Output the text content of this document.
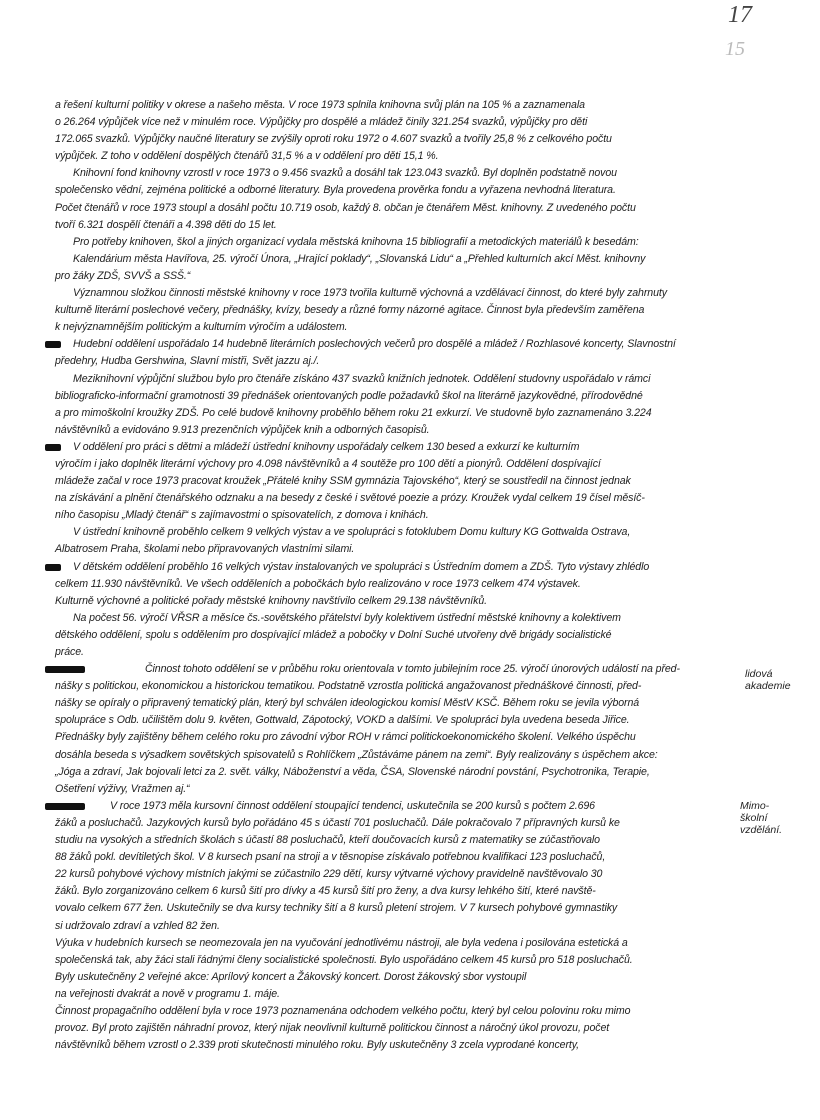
17
15
lidová akademie
Mimo-školní vzdělání.
a řešení kulturní politiky v okrese a našeho města. V roce 1973 splnila knihovna svůj plán na 105 % a zaznamenala
o 26.264 výpůjček více než v minulém roce. Výpůjčky pro dospělé a mládež činily 321.254 svazků, výpůjčky pro děti
172.065 svazků. Výpůjčky naučné literatury se zvýšily oproti roku 1972 o 4.607 svazků a tvořily 25,8 % z celkového počtu
výpůjček. Z toho v oddělení dospělých čtenářů 31,5 % a v oddělení pro děti 15,1 %.
Knihovní fond knihovny vzrostl v roce 1973 o 9.456 svazků a dosáhl tak 123.043 svazků. Byl doplněn podstatně novou
společensko vědní, zejména politické a odborné literatury. Byla provedena prověrka fondu a vyřazena nevhodná literatura.
Počet čtenářů v roce 1973 stoupl a dosáhl počtu 10.719 osob, každý 8. občan je čtenářem Měst. knihovny. Z uvedeného počtu
tvoří 6.321 dospělí čtenáři a 4.398 děti do 15 let.
Pro potřeby knihoven, škol a jiných organizací vydala městská knihovna 15 bibliografií a metodických materiálů k besedám:
Kalendárium města Havířova, 25. výročí Února, „Hrající poklady“, „Slovanská Lidu“ a „Přehled kulturních akcí Měst. knihovny
pro žáky ZDŠ, SVVŠ a SSŠ.“
Významnou složkou činnosti městské knihovny v roce 1973 tvořila kulturně výchovná a vzdělávací činnost, do které byly zahrnuty
kulturně literární poslechové večery, přednášky, kvízy, besedy a různé formy názorné agitace. Činnost byla především zaměřena
k nejvýznamnějším politickým a kulturním výročím a událostem.
Hudební oddělení uspořádalo 14 hudebně literárních poslechových večerů pro dospělé a mládež / Rozhlasové koncerty, Slavnostní
předehry, Hudba Gershwina, Slavní mistři, Svět jazzu aj./.
Meziknihovní výpůjční službou bylo pro čtenáře získáno 437 svazků knižních jednotek. Oddělení studovny uspořádalo v rámci
bibliograficko-informační gramotnosti 39 přednášek orientovaných podle požadavků škol na literárně jazykovědné, přírodovědné
a pro mimoškolní kroužky ZDŠ. Po celé budově knihovny proběhlo během roku 21 exkurzí. Ve studovně bylo zaznamenáno 3.224
návštěvníků a evidováno 9.913 prezenčních výpůjček knih a odborných časopisů.
V oddělení pro práci s dětmi a mládeží ústřední knihovny uspořádaly celkem 130 besed a exkurzí ke kulturním
výročím i jako doplněk literární výchovy pro 4.098 návštěvníků a 4 soutěže pro 100 dětí a pionýrů. Oddělení dospívající
mládeže začal v roce 1973 pracovat kroužek „Přátelé knihy SSM gymnázia Tajovského“, který se soustředil na činnost jednak
na získávání a plnění čtenářského odznaku a na besedy z české i světové poezie a prózy. Kroužek vydal celkem 19 čísel měsíč-
ního časopisu „Mladý čtenář“ s zajímavostmi o spisovatelích, z domova i knihách.
V ústřední knihovně proběhlo celkem 9 velkých výstav a ve spolupráci s fotoklubem Domu kultury KG Gottwalda Ostrava,
Albatrosem Praha, školami nebo připravovaných vlastními silami.
V dětském oddělení proběhlo 16 velkých výstav instalovaných ve spolupráci s Ústředním domem a ZDŠ. Tyto výstavy zhlédlo
celkem 11.930 návštěvníků. Ve všech odděleních a pobočkách bylo realizováno v roce 1973 celkem 474 výstavek.
Kulturně výchovné a politické pořady městské knihovny navštívilo celkem 29.138 návštěvníků.
Na počest 56. výročí VŘSR a měsíce čs.-sovětského přátelství byly kolektivem ústřední městské knihovny a kolektivem
dětského oddělení, spolu s oddělením pro dospívající mládež a pobočky v Dolní Suché utvořeny dvě brigády socialistické
práce.
Činnost tohoto oddělení se v průběhu roku orientovala v tomto jubilejním roce 25. výročí únorových událostí na před-
nášky s politickou, ekonomickou a historickou tematikou. Podstatně vzrostla politická angažovanost přednáškové činnosti, před-
nášky se opíraly o připravený tematický plán, který byl schválen ideologickou komisí MěstV KSČ. Během roku se jevila výborná
spolupráce s Odb. učilištěm dolu 9. květen, Gottwald, Zápotocký, VOKD a dalšími. Ve spolupráci byla uvedena beseda Jiřice.
Přednášky byly zajištěny během celého roku pro závodní výbor ROH v rámci politickoekonomického školení. Velkého úspěchu
dosáhla beseda s výsadkem sovětských spisovatelů s Rohlíčkem „Zůstáváme pánem na zemi“. Byly realizovány s úspěchem akce:
„Jóga a zdraví, Jak bojovali letci za 2. svět. války, Náboženství a věda, ČSA, Slovenské národní povstání, Psychotronika, Terapie,
Ošetření výživy, Vražmen aj.“
V roce 1973 měla kursovní činnost oddělení stoupající tendenci, uskutečnila se 200 kursů s počtem 2.696
žáků a posluchačů. Jazykových kursů bylo pořádáno 45 s účastí 701 posluchačů. Dále pokračovalo 7 přípravných kursů ke
studiu na vysokých a středních školách s účastí 88 posluchačů, kteří doučovacích kursů z matematiky se zúčastňovalo
88 žáků pokl. devítiletých škol. V 8 kursech psaní na stroji a v těsnopise získávalo potřebnou kvalifikaci 123 posluchačů,
22 kursů pohybové výchovy místních jakými se zúčastnilo 229 dětí, kursy výtvarné výchovy pravidelně navštěvovalo 30
žáků. Bylo zorganizováno celkem 6 kursů šití pro dívky a 45 kursů šití pro ženy, a dva kursy lehkého šití, které navště-
vovalo celkem 677 žen. Uskutečnily se dva kursy techniky šití a 8 kursů pletení strojem. V 7 kursech pohybové gymnastiky
si udržovalo zdraví a vzhled 82 žen.
Výuka v hudebních kursech se neomezovala jen na vyučování jednotlivému nástroji, ale byla vedena i posilována estetická a
společenská tak, aby žáci stali řádnými členy socialistické společnosti. Bylo uspořádáno celkem 45 kursů pro 518 posluchačů.
Byly uskutečněny 2 veřejné akce: Aprílový koncert a Žákovský koncert. Dorost žákovský sbor vystoupil
na veřejnosti dvakrát a nově v programu 1. máje.
Činnost propagačního oddělení byla v roce 1973 poznamenána odchodem velkého počtu, který byl celou polovinu roku mimo
provoz. Byl proto zajištěn náhradní provoz, který nijak neovlivnil kulturně politickou činnost a náročný úkol provozu, počet
návštěvníků během vzrostl o 2.339 proti skutečnosti minulého roku. Byly uskutečněny 3 zcela vyprodané koncerty,
